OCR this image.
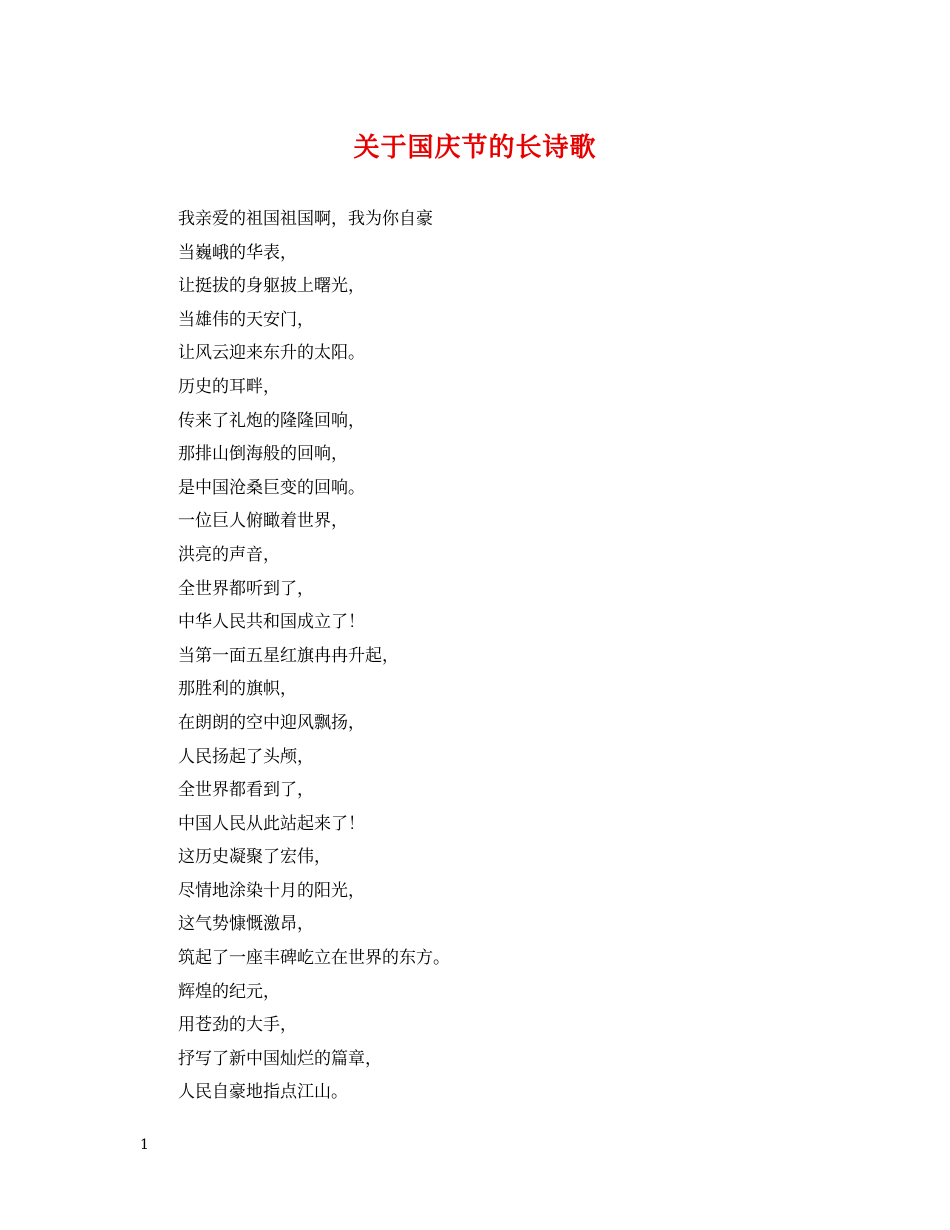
关于国庆节的长诗歌
我亲爱的祖国祖国啊，我为你自豪
当巍峨的华表，
让挺拔的身躯披上曙光，
当雄伟的天安门，
让风云迎来东升的太阳。
历史的耳畔，
传来了礼炮的隆隆回响，
那排山倒海般的回响，
是中国沧桑巨变的回响。
一位巨人俯瞰着世界，
洪亮的声音，
全世界都听到了，
中华人民共和国成立了！
当第一面五星红旗冉冉升起，
那胜利的旗帜，
在朗朗的空中迎风飘扬，
人民扬起了头颅，
全世界都看到了，
中国人民从此站起来了！
这历史凝聚了宏伟，
尽情地涂染十月的阳光，
这气势慷慨激昂，
筑起了一座丰碑屹立在世界的东方。
辉煌的纪元，
用苍劲的大手，
抒写了新中国灿烂的篇章，
人民自豪地指点江山。
1
